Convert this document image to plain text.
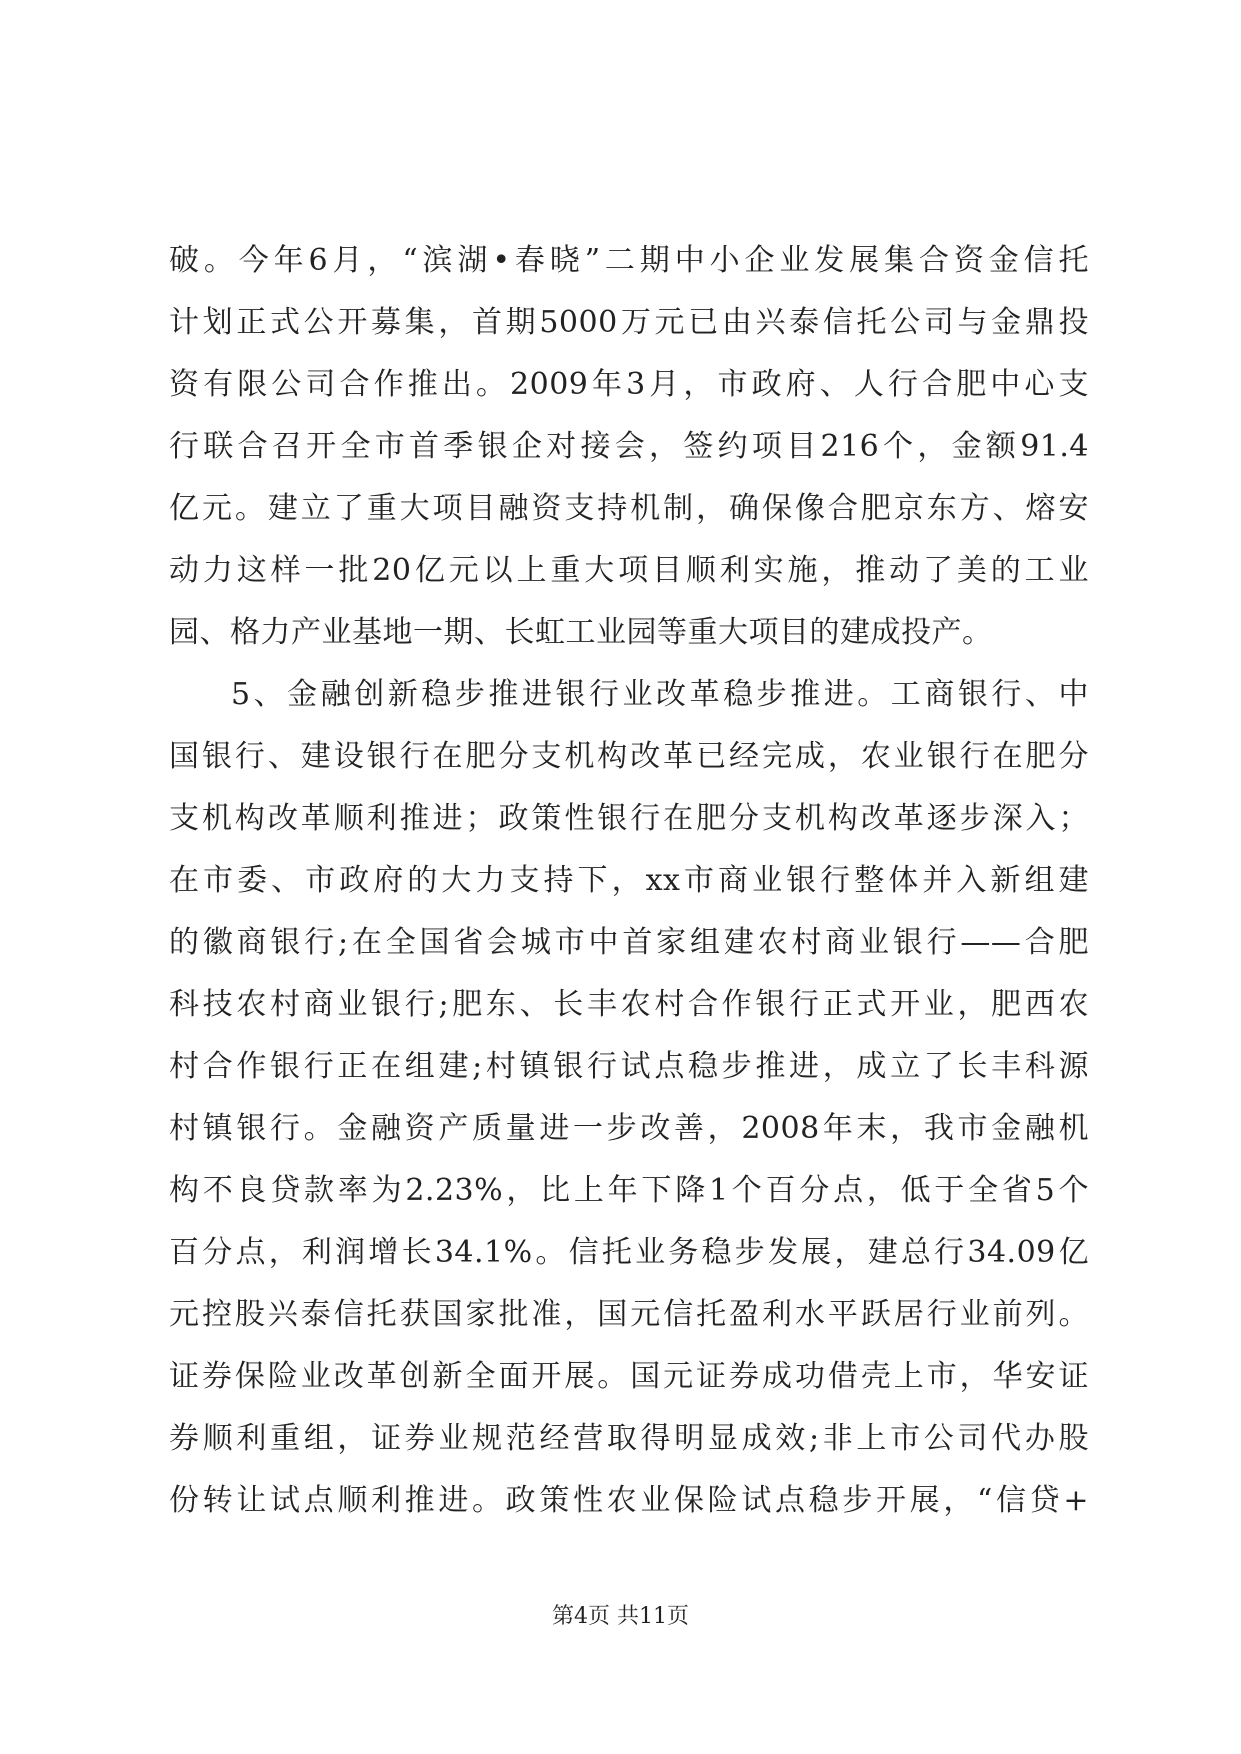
破。今年6月，“滨湖•春晓”二期中小企业发展集合资金信托
计划正式公开募集，首期5000万元已由兴泰信托公司与金鼎投
资有限公司合作推出。2009年3月，市政府、人行合肥中心支
行联合召开全市首季银企对接会，签约项目216个，金额91.4
亿元。建立了重大项目融资支持机制，确保像合肥京东方、熔安
动力这样一批20亿元以上重大项目顺利实施，推动了美的工业
园、格力产业基地一期、长虹工业园等重大项目的建成投产。
5、金融创新稳步推进银行业改革稳步推进。工商银行、中
国银行、建设银行在肥分支机构改革已经完成，农业银行在肥分
支机构改革顺利推进；政策性银行在肥分支机构改革逐步深入；
在市委、市政府的大力支持下，xx市商业银行整体并入新组建
的徽商银行;在全国省会城市中首家组建农村商业银行——合肥
科技农村商业银行;肥东、长丰农村合作银行正式开业，肥西农
村合作银行正在组建;村镇银行试点稳步推进，成立了长丰科源
村镇银行。金融资产质量进一步改善，2008年末，我市金融机
构不良贷款率为2.23%，比上年下降1个百分点，低于全省5个
百分点，利润增长34.1%。信托业务稳步发展，建总行34.09亿
元控股兴泰信托获国家批准，国元信托盈利水平跃居行业前列。
证券保险业改革创新全面开展。国元证券成功借壳上市，华安证
券顺利重组，证券业规范经营取得明显成效;非上市公司代办股
份转让试点顺利推进。政策性农业保险试点稳步开展，“信贷+
第4页 共11页
